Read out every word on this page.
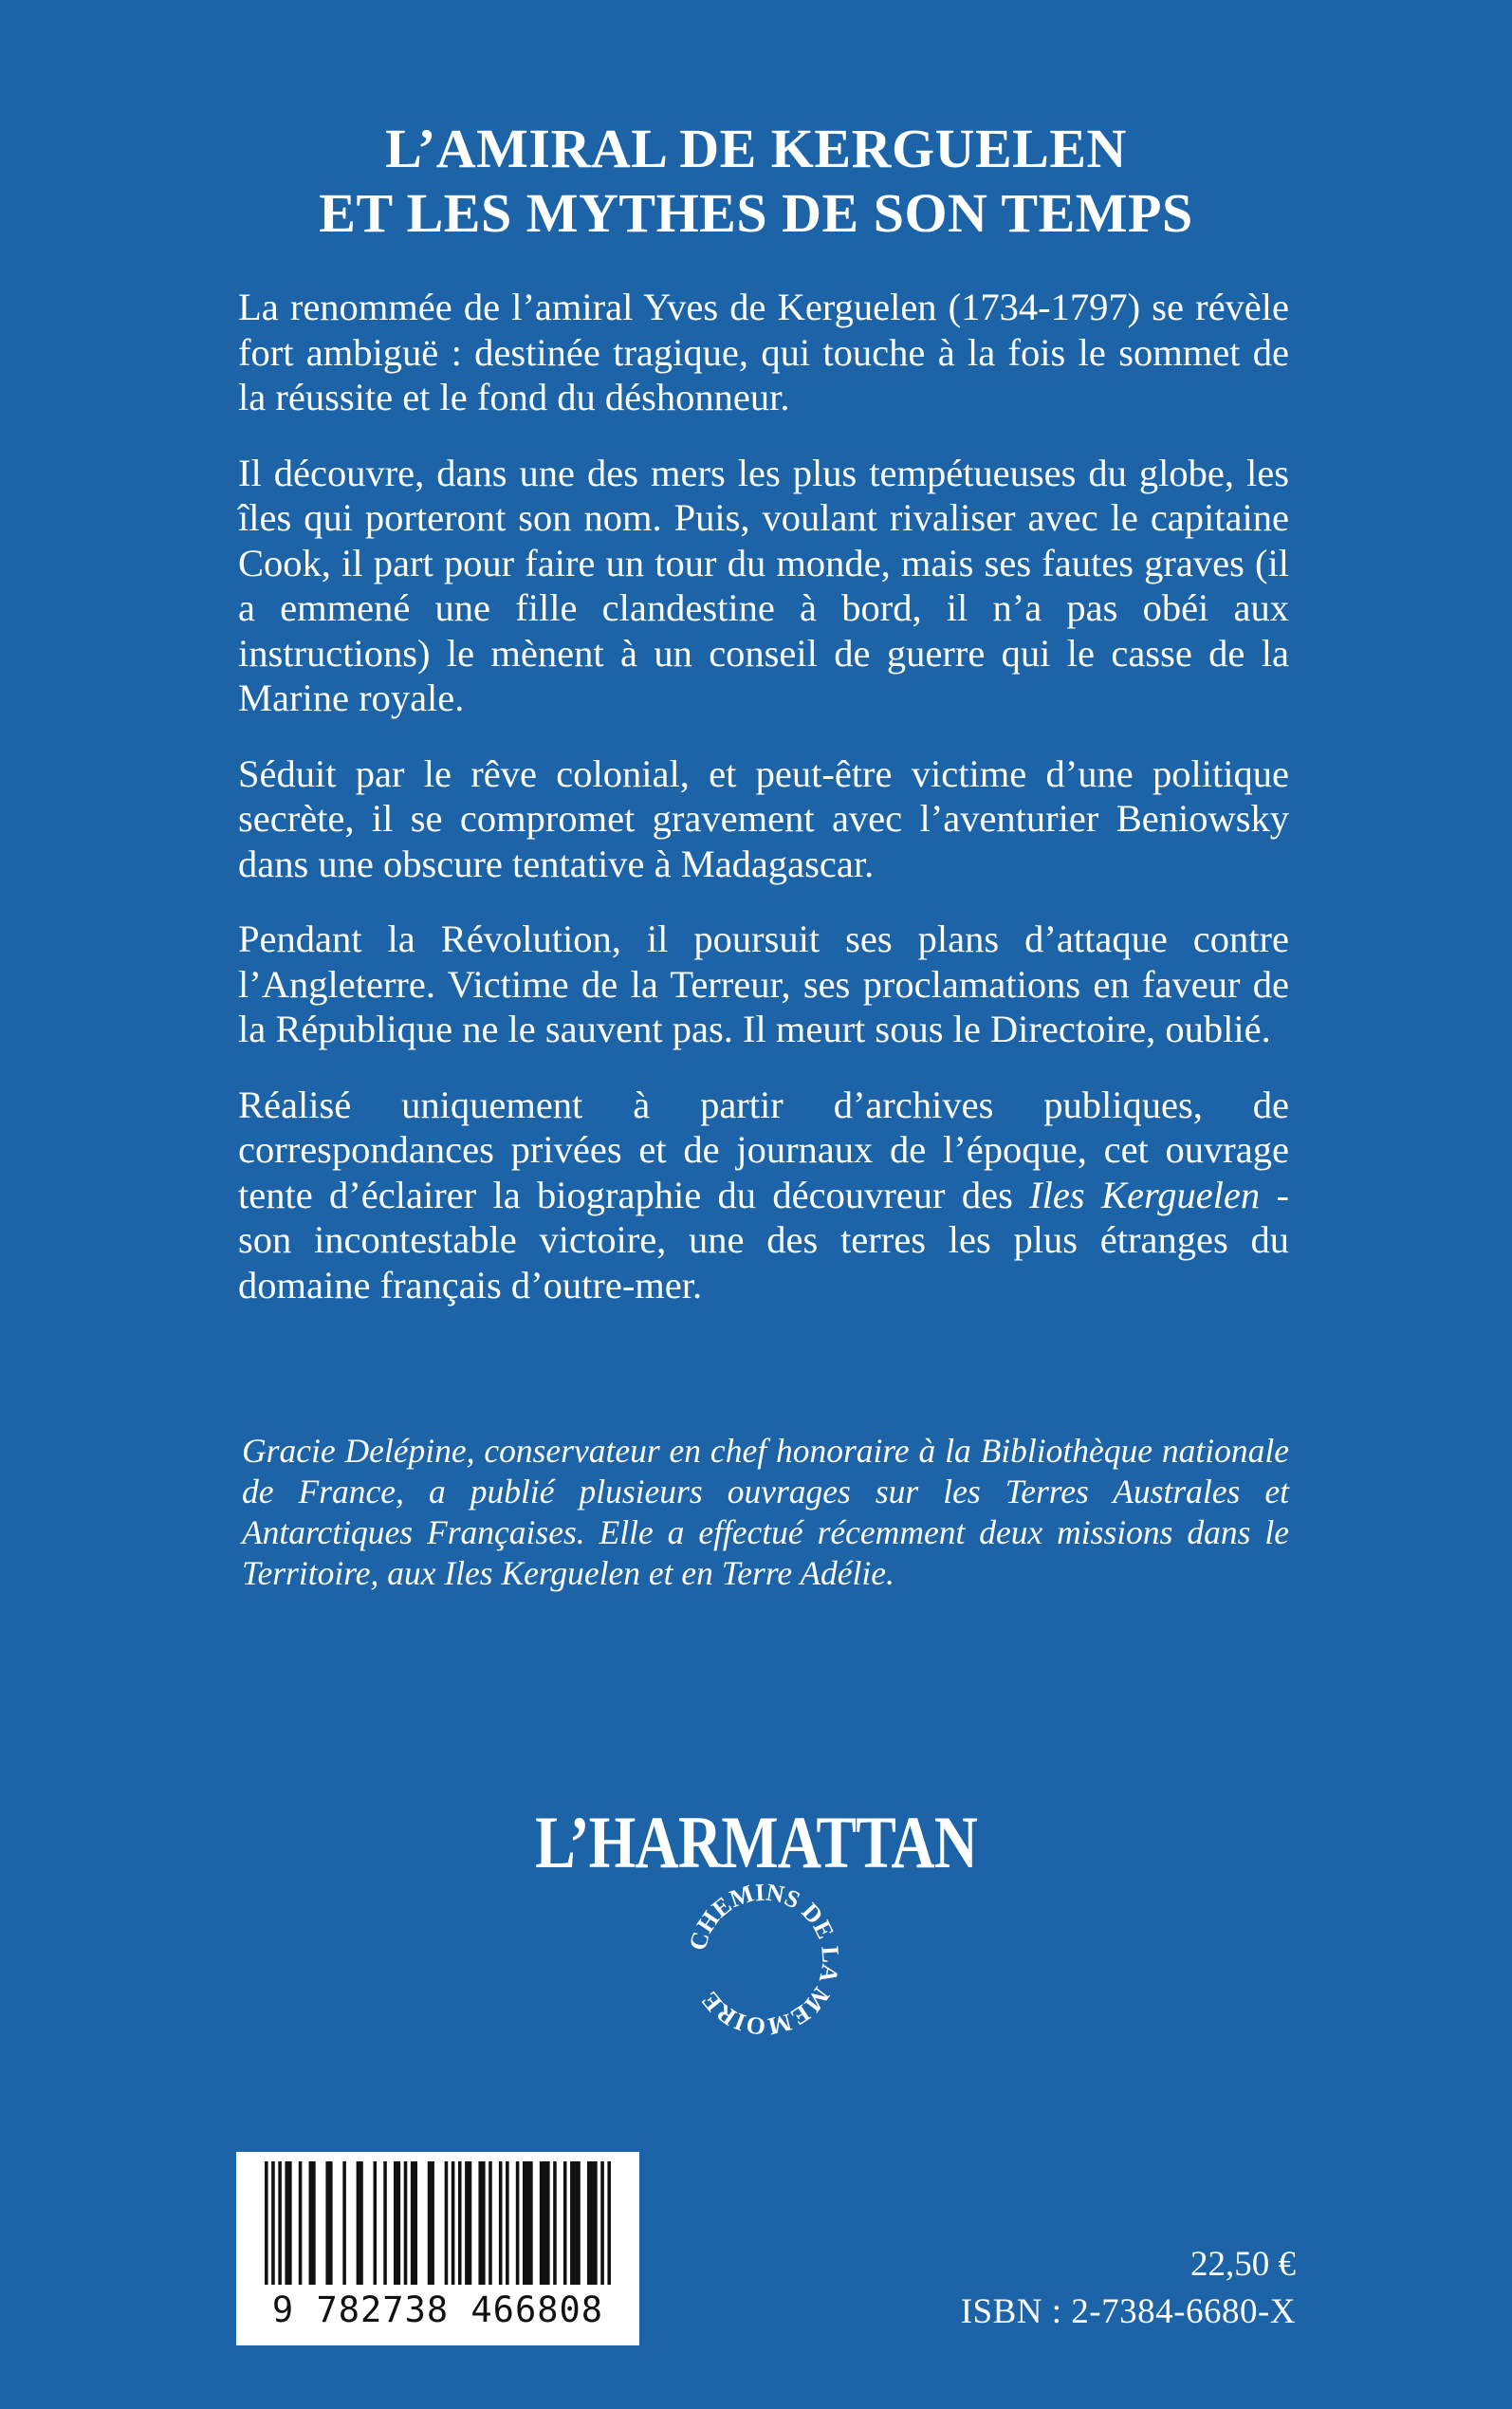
L’AMIRAL DE KERGUELEN
ET LES MYTHES DE SON TEMPS

La renommée de l’amiral Yves de Kerguelen (1734-1797) se révèle fort ambiguë : destinée tragique, qui touche à la fois le sommet de la réussite et le fond du déshonneur.

Il découvre, dans une des mers les plus tempétueuses du globe, les îles qui porteront son nom. Puis, voulant rivaliser avec le capitaine Cook, il part pour faire un tour du monde, mais ses fautes graves (il a emmené une fille clandestine à bord, il n’a pas obéi aux instructions) le mènent à un conseil de guerre qui le casse de la Marine royale.

Séduit par le rêve colonial, et peut-être victime d’une politique secrète, il se compromet gravement avec l’aventurier Beniowsky dans une obscure tentative à Madagascar.

Pendant la Révolution, il poursuit ses plans d’attaque contre l’Angleterre. Victime de la Terreur, ses proclamations en faveur de la République ne le sauvent pas. Il meurt sous le Directoire, oublié.

Réalisé uniquement à partir d’archives publiques, de correspondances privées et de journaux de l’époque, cet ouvrage tente d’éclairer la biographie du découvreur des Iles Kerguelen - son incontestable victoire, une des terres les plus étranges du domaine français d’outre-mer.

Gracie Delépine, conservateur en chef honoraire à la Bibliothèque nationale de France, a publié plusieurs ouvrages sur les Terres Australes et Antarctiques Françaises. Elle a effectué récemment deux missions dans le Territoire, aux Iles Kerguelen et en Terre Adélie.
L’HARMATTAN
CHEMINS DE LA MEMOIRE
9 782738 466808
22,50 €
ISBN : 2-7384-6680-X
